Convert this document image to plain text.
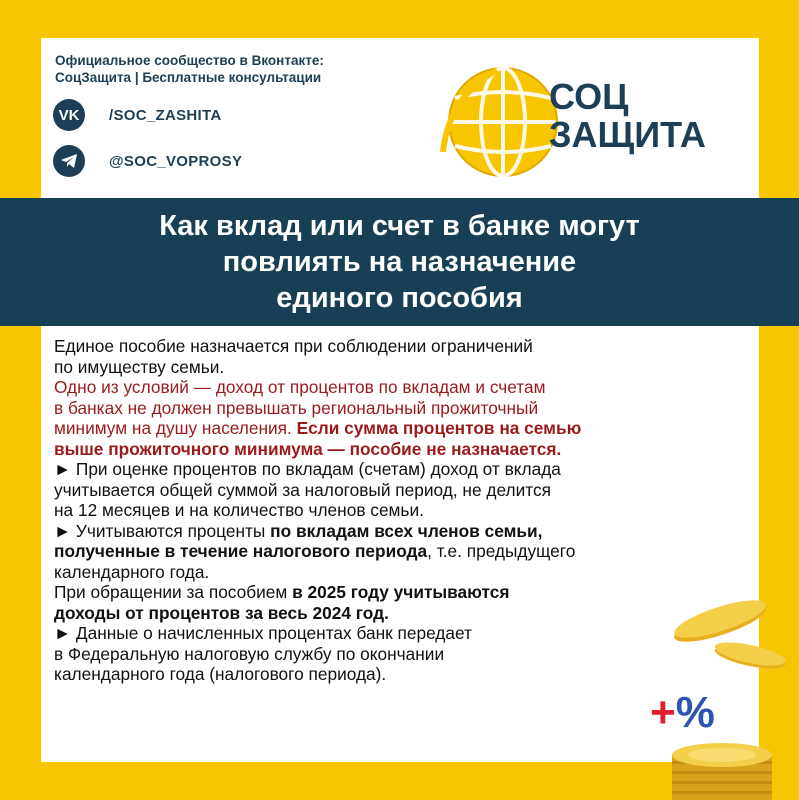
Официальное сообщество в Вконтакте:
СоцЗащита | Бесплатные консультации
VK /SOC_ZASHITA
@SOC_VOPROSY
СОЦ
ЗАЩИТА
Как вклад или счет в банке могут
повлиять на назначение
единого пособия
Единое пособие назначается при соблюдении ограничений
по имуществу семьи.
Одно из условий — доход от процентов по вкладам и счетам
в банках не должен превышать региональный прожиточный
минимум на душу населения. Если сумма процентов на семью
выше прожиточного минимума — пособие не назначается.
► При оценке процентов по вкладам (счетам) доход от вклада
учитывается общей суммой за налоговый период, не делится
на 12 месяцев и на количество членов семьи.
► Учитываются проценты по вкладам всех членов семьи,
полученные в течение налогового периода, т.е. предыдущего
календарного года.
При обращении за пособием в 2025 году учитываются
доходы от процентов за весь 2024 год.
► Данные о начисленных процентах банк передает
в Федеральную налоговую службу по окончании
календарного года (налогового периода).
+%
